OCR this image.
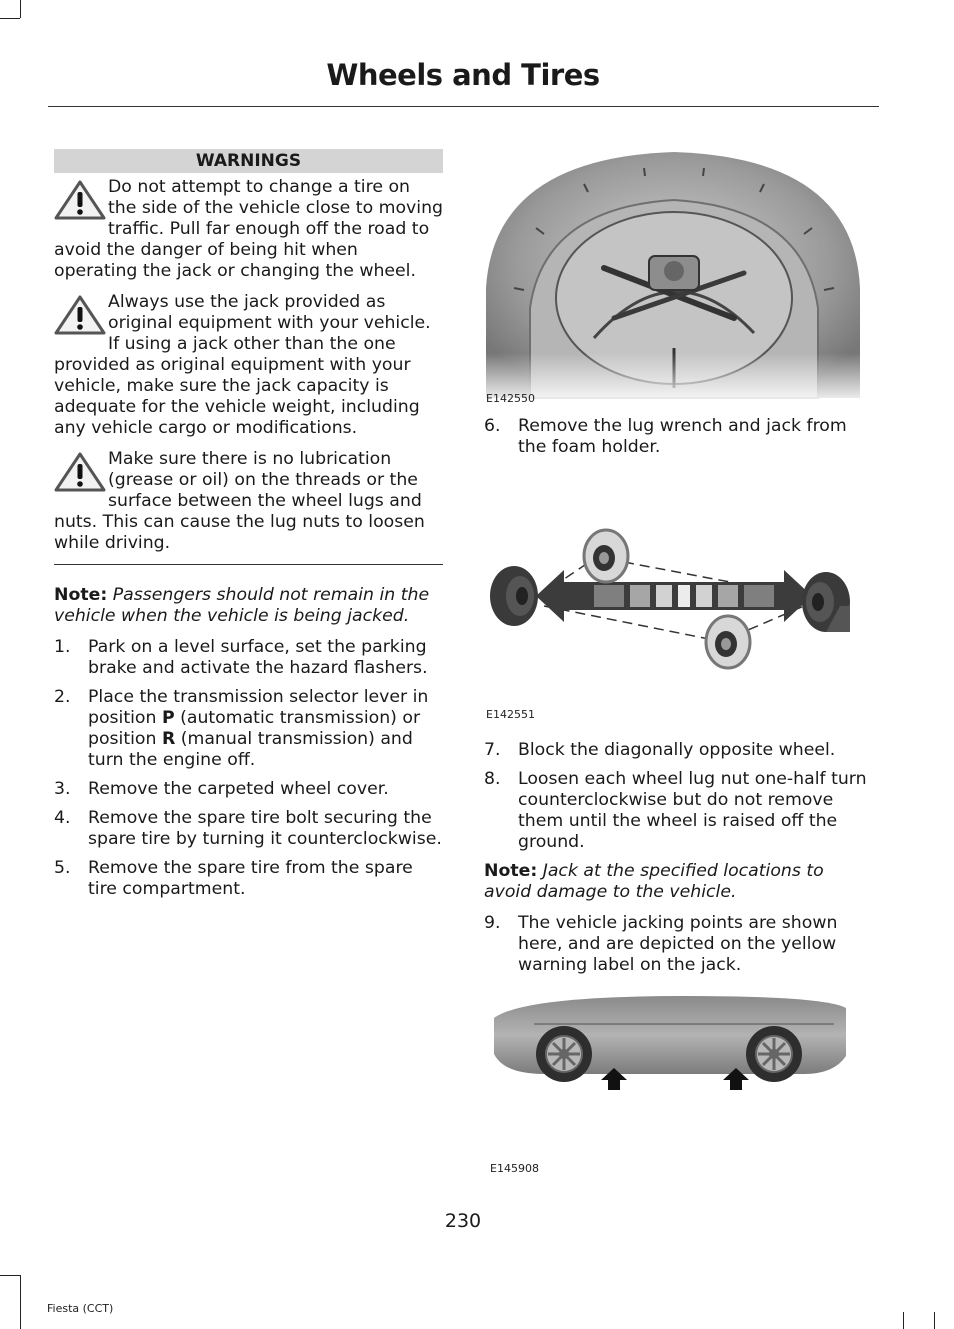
Wheels and Tires
WARNINGS
Do not attempt to change a tire on the side of the vehicle close to moving traffic. Pull far enough off the road to avoid the danger of being hit when operating the jack or changing the wheel.
Always use the jack provided as original equipment with your vehicle. If using a jack other than the one provided as original equipment with your vehicle, make sure the jack capacity is adequate for the vehicle weight, including any vehicle cargo or modifications.
Make sure there is no lubrication (grease or oil) on the threads or the surface between the wheel lugs and nuts. This can cause the lug nuts to loosen while driving.
Note: Passengers should not remain in the vehicle when the vehicle is being jacked.
1. Park on a level surface, set the parking brake and activate the hazard flashers.
2. Place the transmission selector lever in position P (automatic transmission) or position R (manual transmission) and turn the engine off.
3. Remove the carpeted wheel cover.
4. Remove the spare tire bolt securing the spare tire by turning it counterclockwise.
5. Remove the spare tire from the spare tire compartment.
E142550
6. Remove the lug wrench and jack from the foam holder.
E142551
7. Block the diagonally opposite wheel.
8. Loosen each wheel lug nut one-half turn counterclockwise but do not remove them until the wheel is raised off the ground.
Note: Jack at the specified locations to avoid damage to the vehicle.
9. The vehicle jacking points are shown here, and are depicted on the yellow warning label on the jack.
E145908
230
Fiesta (CCT)
